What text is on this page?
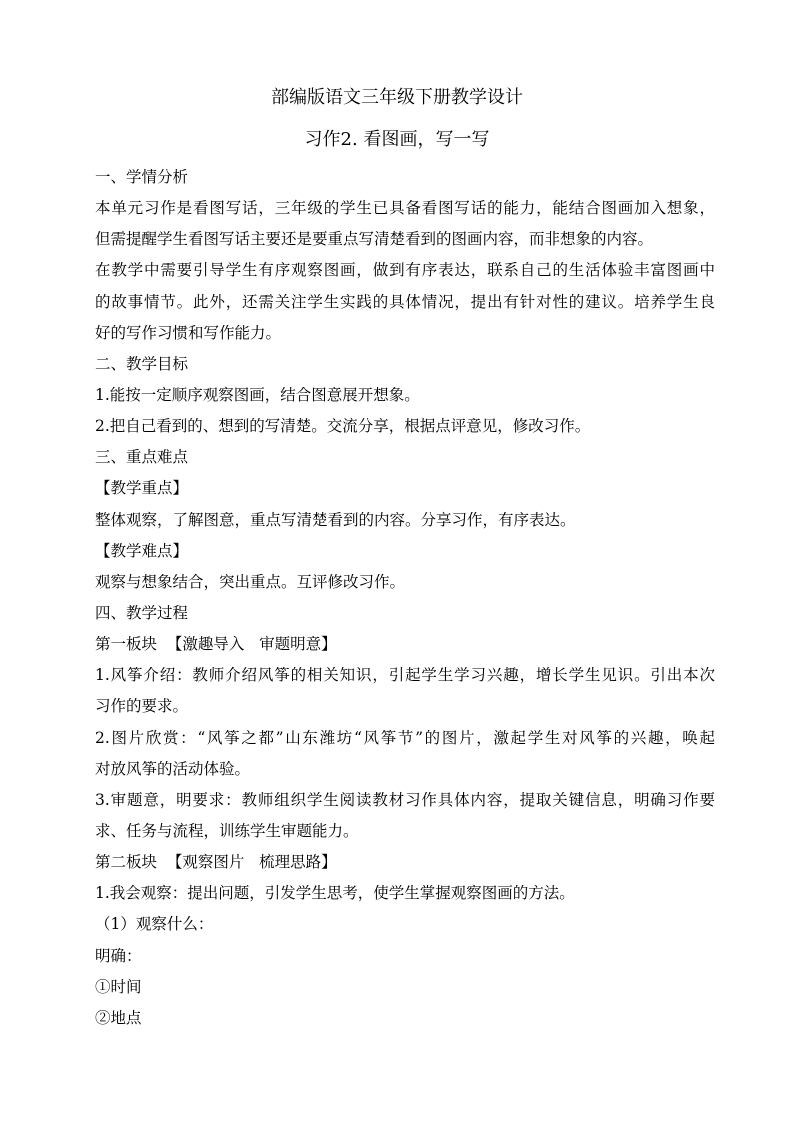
部编版语文三年级下册教学设计
习作2. 看图画，写一写
一、学情分析
本单元习作是看图写话，三年级的学生已具备看图写话的能力，能结合图画加入想象，
但需提醒学生看图写话主要还是要重点写清楚看到的图画内容，而非想象的内容。
在教学中需要引导学生有序观察图画，做到有序表达，联系自己的生活体验丰富图画中
的故事情节。此外，还需关注学生实践的具体情况，提出有针对性的建议。培养学生良
好的写作习惯和写作能力。
二、教学目标
1.能按一定顺序观察图画，结合图意展开想象。
2.把自己看到的、想到的写清楚。交流分享，根据点评意见，修改习作。
三、重点难点
【教学重点】
整体观察，了解图意，重点写清楚看到的内容。分享习作，有序表达。
【教学难点】
观察与想象结合，突出重点。互评修改习作。
四、教学过程
第一板块  【激趣导入   审题明意】
1.风筝介绍：教师介绍风筝的相关知识，引起学生学习兴趣，增长学生见识。引出本次
习作的要求。
2.图片欣赏：“风筝之都”山东潍坊“风筝节”的图片，激起学生对风筝的兴趣，唤起
对放风筝的活动体验。
3.审题意，明要求：教师组织学生阅读教材习作具体内容，提取关键信息，明确习作要
求、任务与流程，训练学生审题能力。
第二板块  【观察图片   梳理思路】
1.我会观察：提出问题，引发学生思考，使学生掌握观察图画的方法。
（1）观察什么：
明确：
①时间
②地点
